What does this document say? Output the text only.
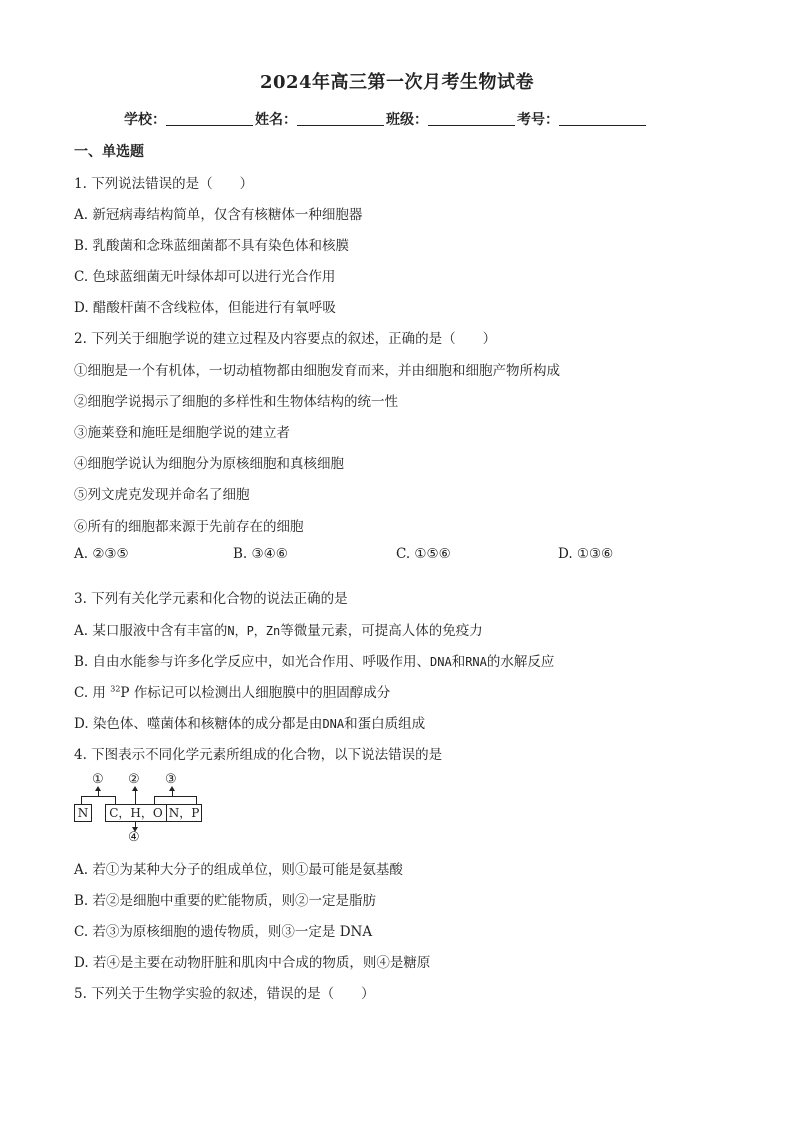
2024年高三第一次月考生物试卷
学校：	姓名：	班级：	考号：
一、单选题
1. 下列说法错误的是（　　）
A. 新冠病毒结构简单，仅含有核糖体一种细胞器
B. 乳酸菌和念珠蓝细菌都不具有染色体和核膜
C. 色球蓝细菌无叶绿体却可以进行光合作用
D. 醋酸杆菌不含线粒体，但能进行有氧呼吸
2. 下列关于细胞学说的建立过程及内容要点的叙述，正确的是（　　）
①细胞是一个有机体，一切动植物都由细胞发育而来，并由细胞和细胞产物所构成
②细胞学说揭示了细胞的多样性和生物体结构的统一性
③施莱登和施旺是细胞学说的建立者
④细胞学说认为细胞分为原核细胞和真核细胞
⑤列文虎克发现并命名了细胞
⑥所有的细胞都来源于先前存在的细胞
A. ②③⑤	B. ③④⑥	C. ①⑤⑥	D. ①③⑥
3. 下列有关化学元素和化合物的说法正确的是
A. 某口服液中含有丰富的N，P，Zn等微量元素，可提高人体的免疫力
B. 自由水能参与许多化学反应中，如光合作用、呼吸作用、DNA和RNA的水解反应
C. 用 $^{32}$P 作标记可以检测出人细胞膜中的胆固醇成分
D. 染色体、噬菌体和核糖体的成分都是由DNA和蛋白质组成
4. 下图表示不同化学元素所组成的化合物，以下说法错误的是
① ② ③
N	C，H，O N，P
④
A. 若①为某种大分子的组成单位，则①最可能是氨基酸
B. 若②是细胞中重要的贮能物质，则②一定是脂肪
C. 若③为原核细胞的遗传物质，则③一定是 DNA
D. 若④是主要在动物肝脏和肌肉中合成的物质，则④是糖原
5. 下列关于生物学实验的叙述，错误的是（　　）
